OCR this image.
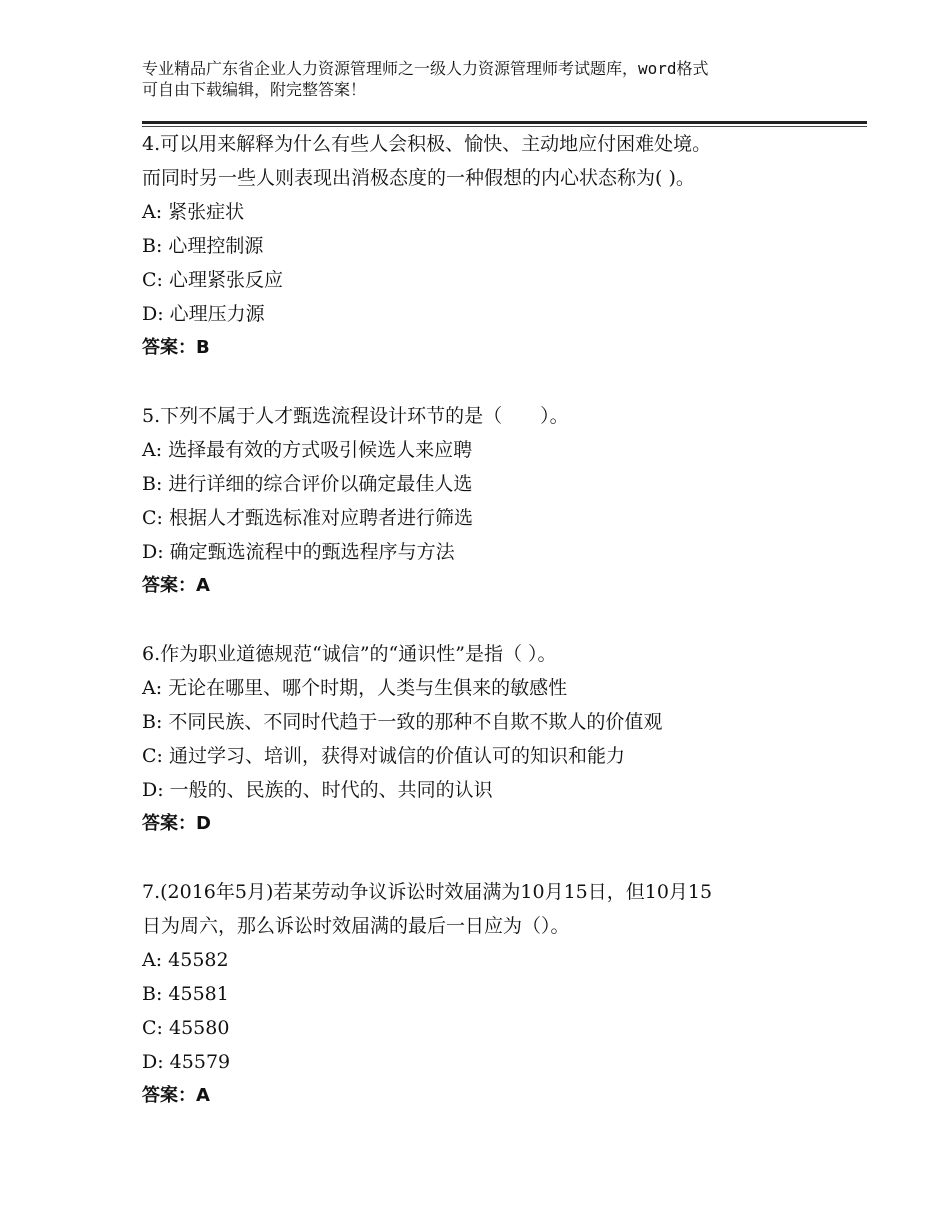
专业精品广东省企业人力资源管理师之一级人力资源管理师考试题库，word格式
可自由下载编辑，附完整答案！
4.可以用来解释为什么有些人会积极、愉快、主动地应付困难处境。
而同时另一些人则表现出消极态度的一种假想的内心状态称为( )。
A: 紧张症状
B: 心理控制源
C: 心理紧张反应
D: 心理压力源
答案：B
5.下列不属于人才甄选流程设计环节的是（　　）。
A: 选择最有效的方式吸引候选人来应聘
B: 进行详细的综合评价以确定最佳人选
C: 根据人才甄选标准对应聘者进行筛选
D: 确定甄选流程中的甄选程序与方法
答案：A
6.作为职业道德规范“诚信”的“通识性”是指（ ）。
A: 无论在哪里、哪个时期，人类与生俱来的敏感性
B: 不同民族、不同时代趋于一致的那种不自欺不欺人的价值观
C: 通过学习、培训，获得对诚信的价值认可的知识和能力
D: 一般的、民族的、时代的、共同的认识
答案：D
7.(2016年5月)若某劳动争议诉讼时效届满为10月15日，但10月15
日为周六，那么诉讼时效届满的最后一日应为（）。
A: 45582
B: 45581
C: 45580
D: 45579
答案：A
